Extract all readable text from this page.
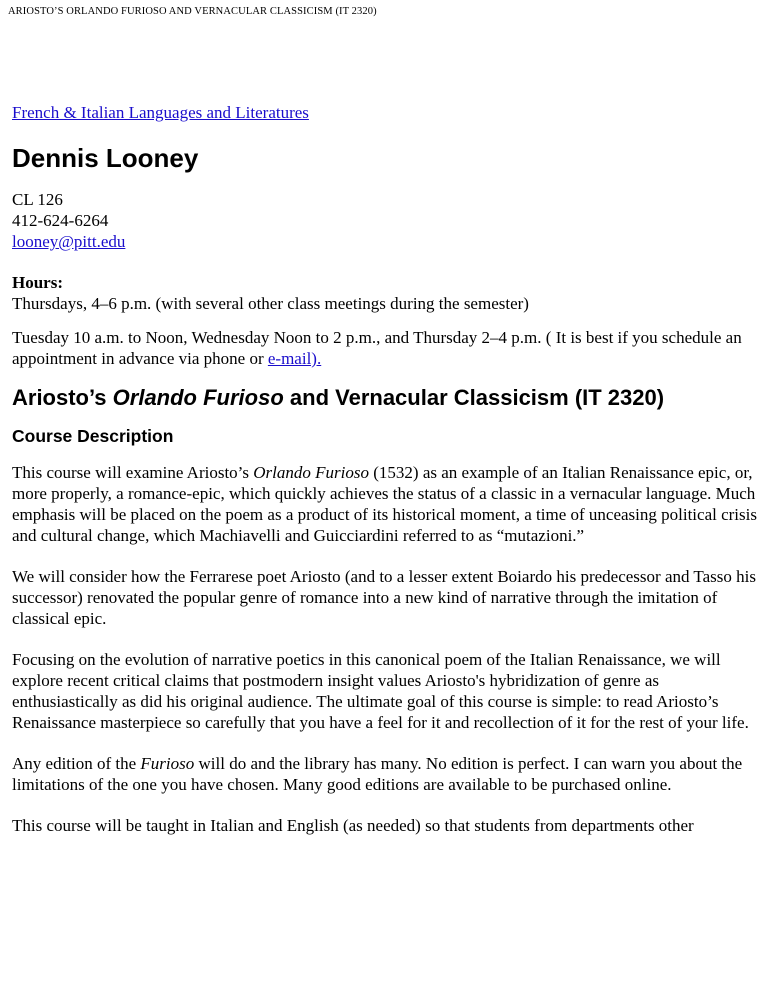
ARIOSTO’S ORLANDO FURIOSO AND VERNACULAR CLASSICISM (IT 2320)
French & Italian Languages and Literatures
Dennis Looney
CL 126
412-624-6264
looney@pitt.edu
Hours:
Thursdays, 4–6 p.m. (with several other class meetings during the semester)
Tuesday 10 a.m. to Noon, Wednesday Noon to 2 p.m., and Thursday 2–4 p.m. ( It is best if you schedule an appointment in advance via phone or e-mail).
Ariosto’s Orlando Furioso and Vernacular Classicism (IT 2320)
Course Description

This course will examine Ariosto’s Orlando Furioso (1532) as an example of an Italian Renaissance epic, or, more properly, a romance-epic, which quickly achieves the status of a classic in a vernacular language. Much emphasis will be placed on the poem as a product of its historical moment, a time of unceasing political crisis and cultural change, which Machiavelli and Guicciardini referred to as “mutazioni.”

We will consider how the Ferrarese poet Ariosto (and to a lesser extent Boiardo his predecessor and Tasso his successor) renovated the popular genre of romance into a new kind of narrative through the imitation of classical epic.

Focusing on the evolution of narrative poetics in this canonical poem of the Italian Renaissance, we will explore recent critical claims that postmodern insight values Ariosto's hybridization of genre as enthusiastically as did his original audience. The ultimate goal of this course is simple: to read Ariosto’s Renaissance masterpiece so carefully that you have a feel for it and recollection of it for the rest of your life.

Any edition of the Furioso will do and the library has many. No edition is perfect. I can warn you about the limitations of the one you have chosen. Many good editions are available to be purchased online.

This course will be taught in Italian and English (as needed) so that students from departments other
